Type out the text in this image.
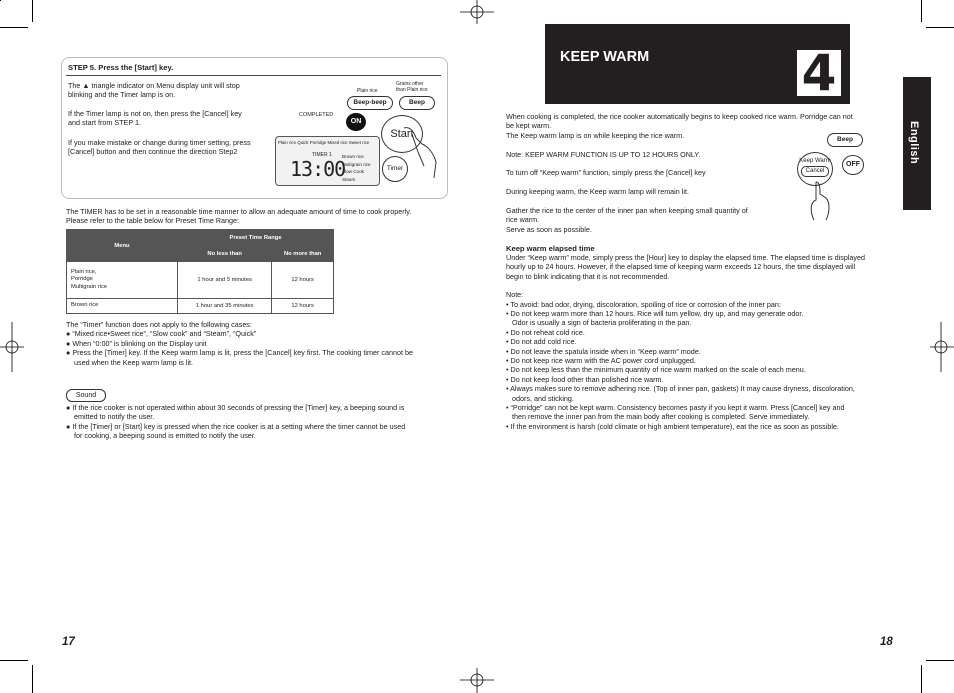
STEP 5. Press the [Start] key.
The ▲ triangle indicator on Menu display unit will stop
blinking and the Timer lamp is on.
If the Timer lamp is not on, then press the [Cancel] key
and start from STEP 1.
If you make mistake or change during timer setting, press
[Cancel] button and then continue the direction Step2
Plain rice
Grains other
than Plain rice
Beep-beep	Beep
COMPLETED
ON
Start
Timer
Plain rice Quick Porridge Mixed rice Sweet rice
TIMER 1
13:00
Brown rice
Multigrain rice
Slow Cook
Steam
The TIMER has to be set in a reasonable time manner to allow an adequate amount of time to cook properly.
Please refer to the table below for Preset Time Range:
Menu	Preset Time Range	
	No less than	No more than

Plain rice,
Porridge
Multigrain rice	1 hour and 5 minutes	12 hours
Brown rice	1 hour and 35 minutes	12 hours
The “Timer” function does not apply to the following cases:
● “Mixed rice•Sweet rice”, “Slow cook” and “Steam”, “Quick”
● When “0:00” is blinking on the Display unit
● Press the [Timer] key. If the Keep warm lamp is lit, press the [Cancel] key first. The cooking timer cannot be
used when the Keep warm lamp is lit.
Sound
● If the rice cooker is not operated within about 30 seconds of pressing the [Timer] key, a beeping sound is
emitted to notify the user.
● If the [Timer] or [Start] key is pressed when the rice cooker is at a setting where the timer cannot be used
for cooking, a beeping sound is emitted to notify the user.
17
KEEP WARM	4
English
When cooking is completed, the rice cooker automatically begins to keep cooked rice warm. Porridge can not
be kept warm.
The Keep warm lamp is on while keeping the rice warm.
Note: KEEP WARM FUNCTION IS UP TO 12 HOURS ONLY.
To turn off “Keep warm” function, simply press the [Cancel] key
During keeping warm, the Keep warm lamp will remain lit.
Gather the rice to the center of the inner pan when keeping small quantity of
rice warm.
Serve as soon as possible.
Beep
Keep Warm
Cancel
OFF
Keep warm elapsed time
Under “Keep warm” mode, simply press the [Hour] key to display the elapsed time. The elapsed time is displayed
hourly up to 24 hours. However, if the elapsed time of keeping warm exceeds 12 hours, the time displayed will
begin to blink indicating that it is not recommended.
Note:
• To avoid: bad odor, drying, discoloration, spoiling of rice or corrosion of the inner pan:
• Do not keep warm more than 12 hours. Rice will turn yellow, dry up, and may generate odor.
Odor is usually a sign of bacteria proliferating in the pan.
• Do not reheat cold rice.
• Do not add cold rice.
• Do not leave the spatula inside when in “Keep warm” mode.
• Do not keep rice warm with the AC power cord unplugged.
• Do not keep less than the minimum quantity of rice warm marked on the scale of each menu.
• Do not keep food other than polished rice warm.
• Always makes sure to remove adhering rice. (Top of inner pan, gaskets) It may cause dryness, discoloration,
odors, and sticking.
• “Porridge” can not be kept warm. Consistency becomes pasty if you kept it warm. Press [Cancel] key and
then remove the inner pan from the main body after cooking is completed. Serve immediately.
• If the environment is harsh (cold climate or high ambient temperature), eat the rice as soon as possible.
18
